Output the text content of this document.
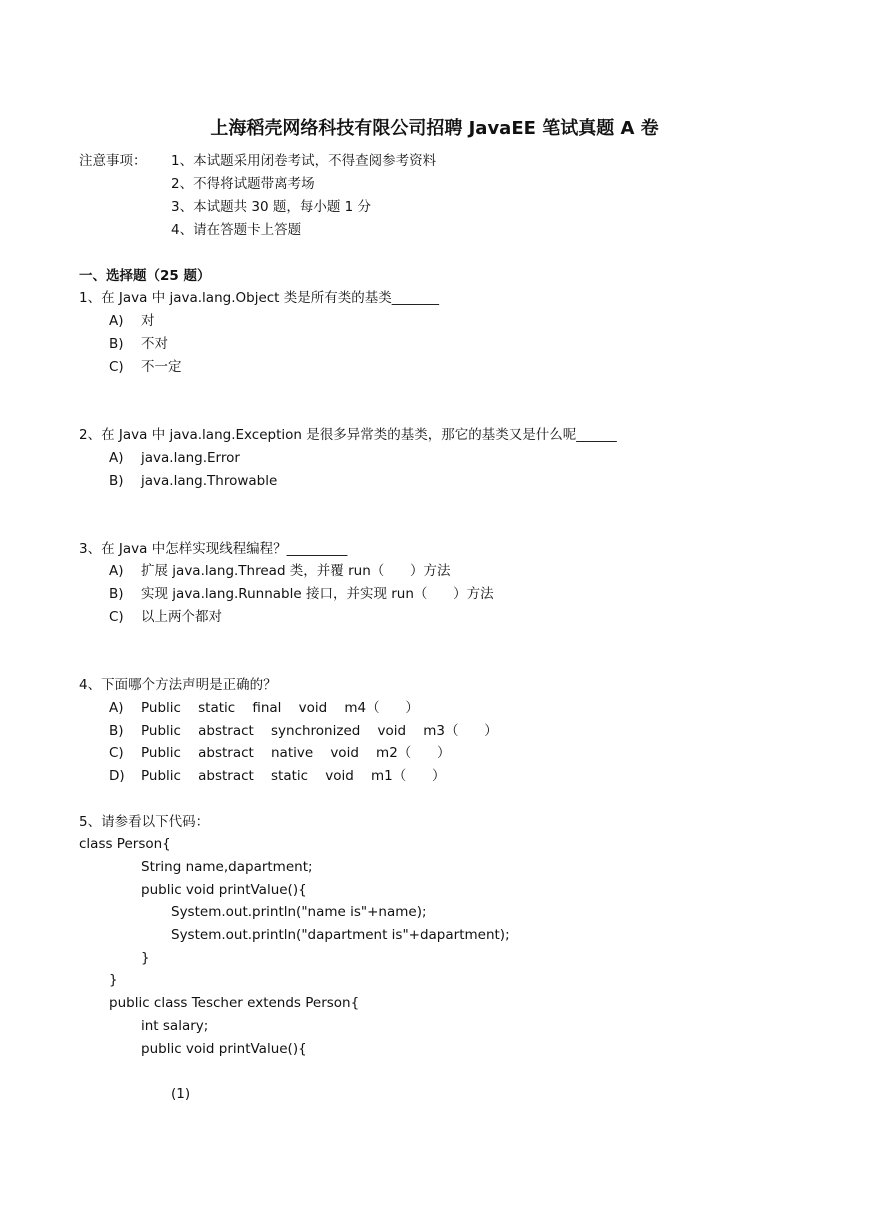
上海稻壳网络科技有限公司招聘 JavaEE 笔试真题 A 卷
注意事项： 1、本试题采用闭卷考试，不得查阅参考资料
2、不得将试题带离考场
3、本试题共 30 题，每小题 1 分
4、请在答题卡上答题
一、选择题（25 题）
1、在 Java 中 java.lang.Object 类是所有类的基类_______
A) 对
B) 不对
C) 不一定
2、在 Java 中 java.lang.Exception 是很多异常类的基类，那它的基类又是什么呢______
A) java.lang.Error
B) java.lang.Throwable
3、在 Java 中怎样实现线程编程？_________
A) 扩展 java.lang.Thread 类，并覆 run（      ）方法
B) 实现 java.lang.Runnable 接口，并实现 run（      ）方法
C) 以上两个都对
4、下面哪个方法声明是正确的？
A) Public    static    final    void    m4（      ）
B) Public    abstract    synchronized    void    m3（      ）
C) Public    abstract    native    void    m2（      ）
D) Public    abstract    static    void    m1（      ）
5、请参看以下代码：
class Person{
String name,dapartment;
public void printValue(){
System.out.println("name is"+name);
System.out.println("dapartment is"+dapartment);
}
}
public class Tescher extends Person{
int salary;
public void printValue(){
(1)
